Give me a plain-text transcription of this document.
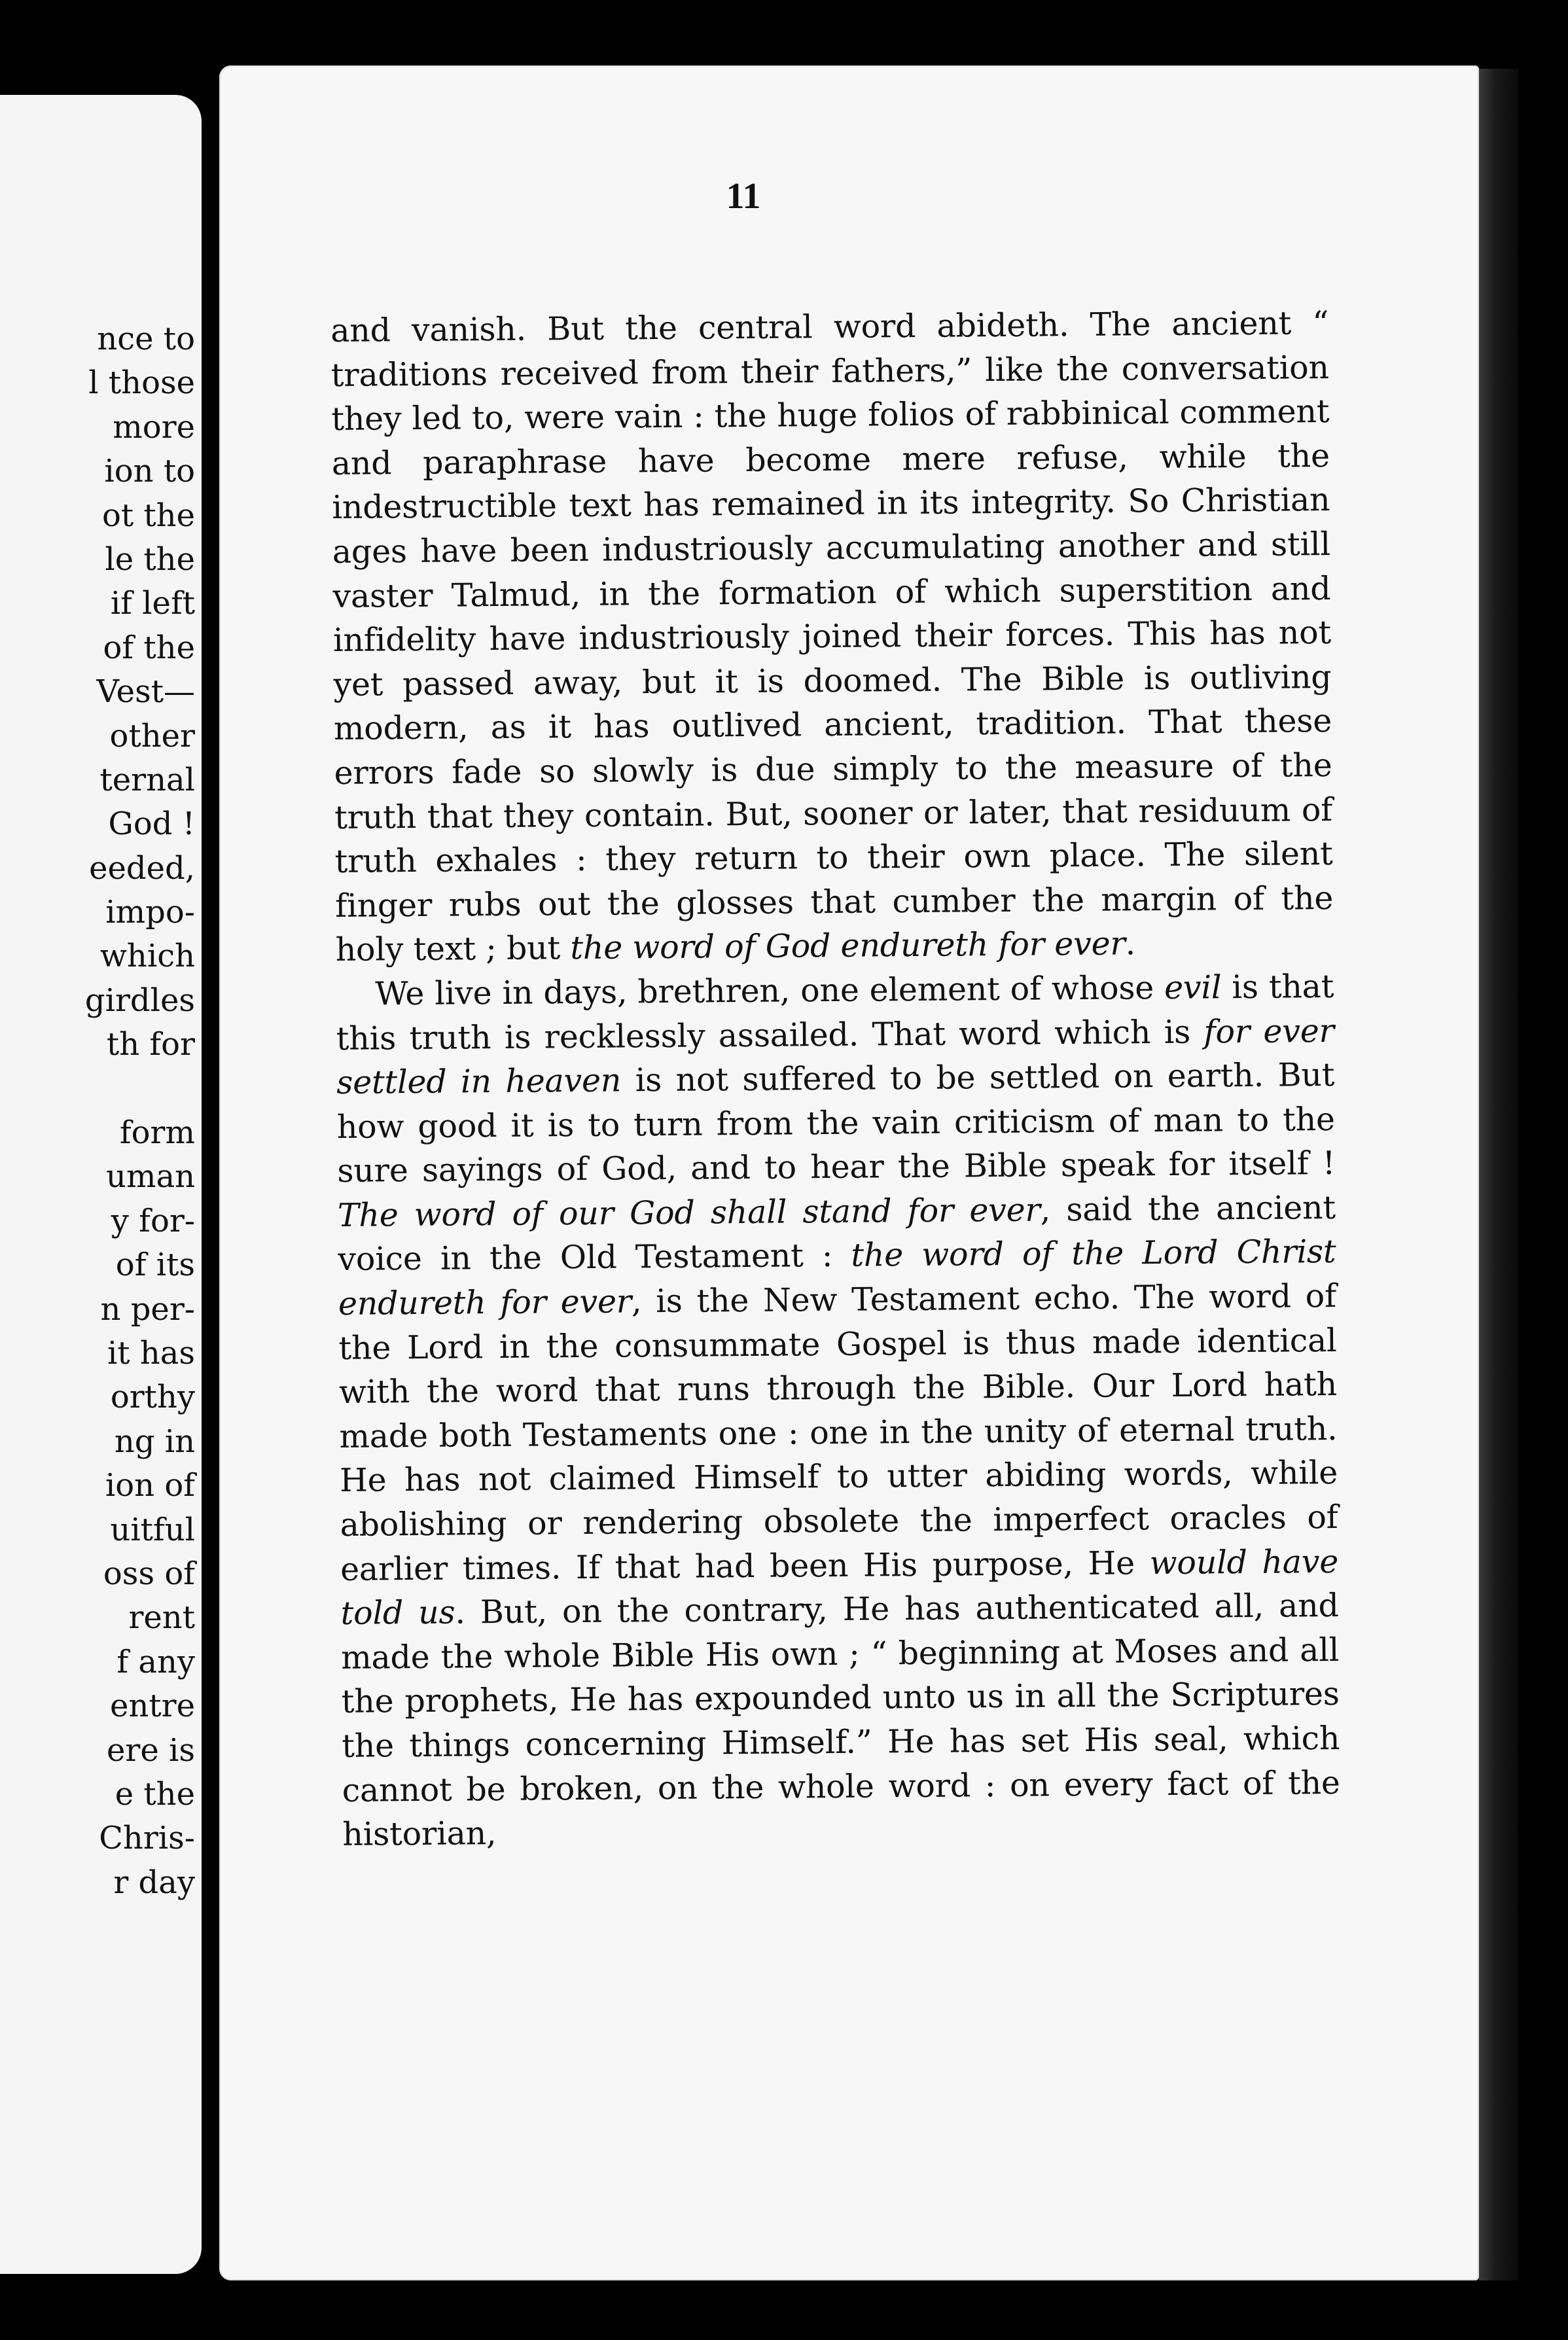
nce to
l those
more
ion to
ot the
le the
if left
of the
Vest—
other
ternal
God !
eeded,
impo-
which
girdles
th for
form
uman
y for-
of its
n per-
it has
orthy
ng in
ion of
uitful
oss of
rent
f any
entre
ere is
e the
Chris-
r day
11

and vanish. But the central word abideth. The ancient “ traditions received from their fathers,” like the conversation they led to, were vain : the huge folios of rabbinical comment and paraphrase have become mere refuse, while the indestructible text has remained in its integrity. So Christian ages have been industriously accumulating another and still vaster Talmud, in the formation of which superstition and infidelity have industriously joined their forces. This has not yet passed away, but it is doomed. The Bible is outliving modern, as it has outlived ancient, tradition. That these errors fade so slowly is due simply to the measure of the truth that they contain. But, sooner or later, that residuum of truth exhales : they return to their own place. The silent finger rubs out the glosses that cumber the margin of the holy text ; but the word of God endureth for ever.

We live in days, brethren, one element of whose evil is that this truth is recklessly assailed. That word which is for ever settled in heaven is not suffered to be settled on earth. But how good it is to turn from the vain criticism of man to the sure sayings of God, and to hear the Bible speak for itself ! The word of our God shall stand for ever, said the ancient voice in the Old Testament : the word of the Lord Christ endureth for ever, is the New Testament echo. The word of the Lord in the consummate Gospel is thus made identical with the word that runs through the Bible. Our Lord hath made both Testaments one : one in the unity of eternal truth. He has not claimed Himself to utter abiding words, while abolishing or rendering obsolete the imperfect oracles of earlier times. If that had been His purpose, He would have told us. But, on the contrary, He has authenticated all, and made the whole Bible His own ; “ beginning at Moses and all the prophets, He has expounded unto us in all the Scriptures the things concerning Himself.” He has set His seal, which cannot be broken, on the whole word : on every fact of the historian,
